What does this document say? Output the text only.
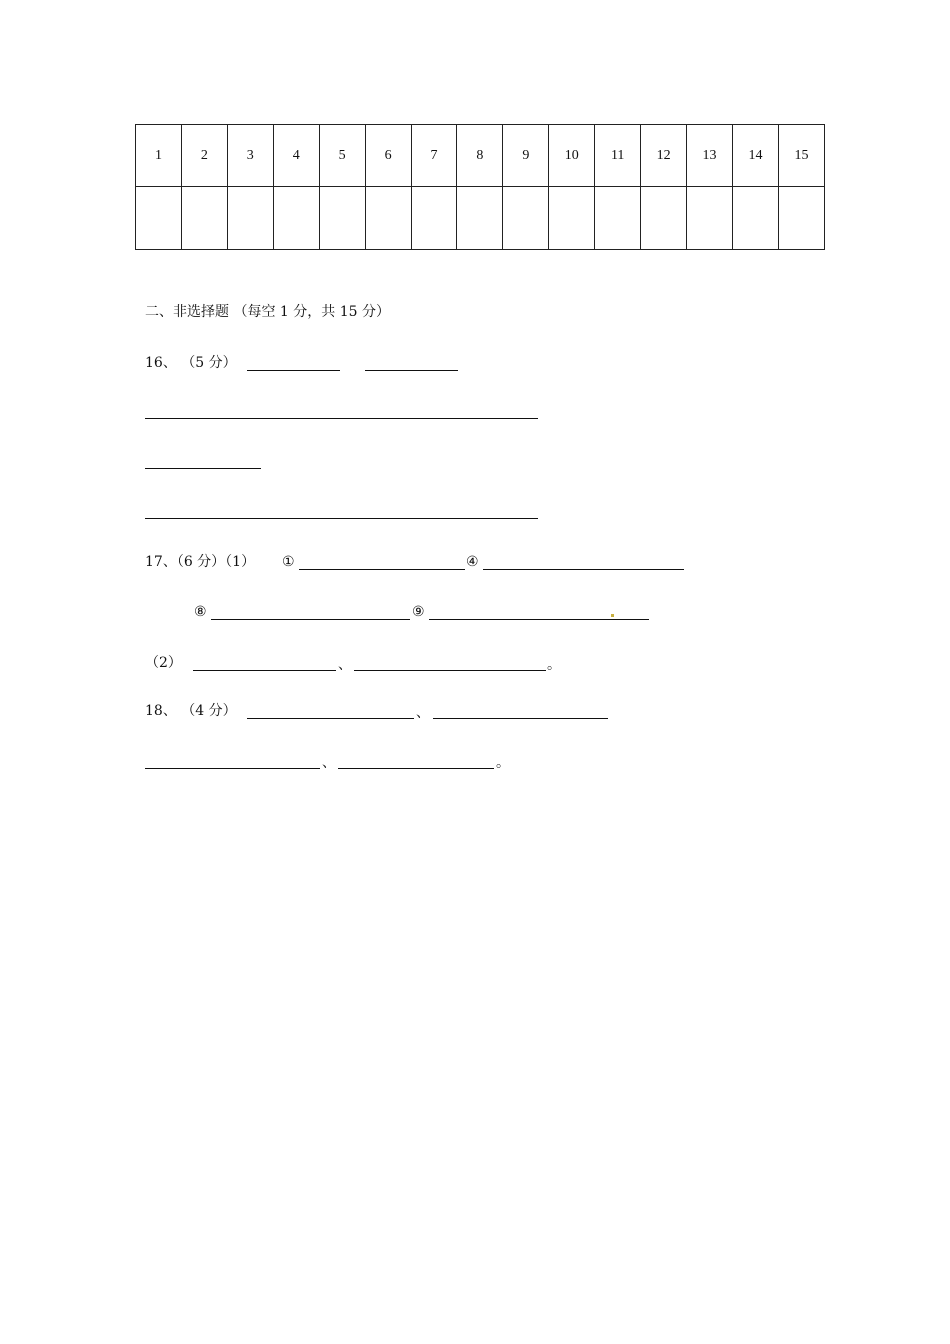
1	2	3	4	5	6	7	8	9	10	11	12	13	14	15

二、非选择题 （每空 1 分，共 15 分）
16、 （5 分）
17、（6 分）（1） ①	④
⑧	⑨
（2）	、	。
18、 （4 分）	、
、	。
